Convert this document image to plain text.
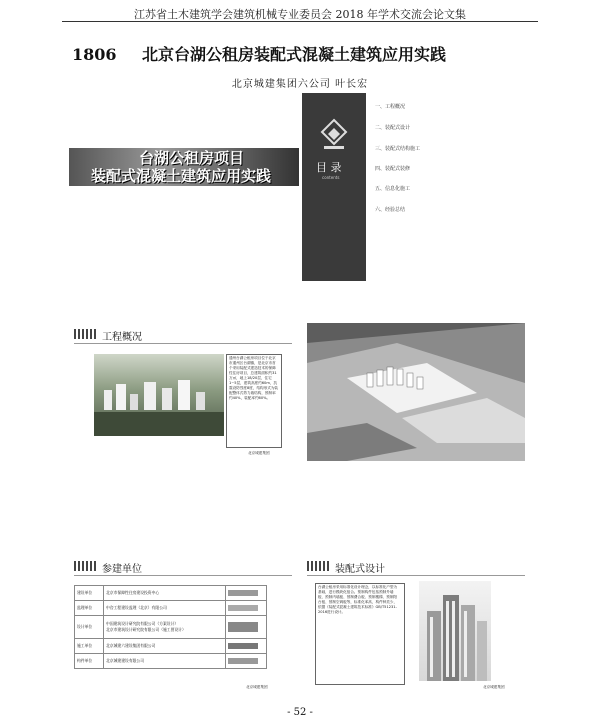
江苏省土木建筑学会建筑机械专业委员会 2018 年学术交流会论文集
1806 北京台湖公租房装配式混凝土建筑应用实践
北京城建集团六公司 叶长宏
台湖公租房项目
装配式混凝土建筑应用实践	目 录
contents
一、工程概况
二、装配式设计
三、装配式结构施工
四、装配式装修
五、信息化施工
六、经验总结
工程概况
通州台湖公租房项目位于北京市通州区台湖镇，是北京市首个采用装配式建造技术的保障性住房项目，总建筑面积约31万㎡，地上18/20层，住宅1~5层，建筑高度约60m，抗震设防烈度8度，结构形式为装配整体式剪力墙结构，预制率约40%，装配率约60%。
北京城建集团
参建单位
北京城建集团
建设单位	北京市保障性住房建设投资中心	

监理单位	中咨工程建设监理（北京）有限公司	

设计单位	中国建筑设计研究院有限公司（方案设计）
北京市建筑设计研究院有限公司（施工图设计）	

施工单位	北京城建六建设集团有限公司	

构件单位	北京城建建设有限公司	
装配式设计
台湖公租房采用标准化设计理念，以标准化户型为基础，进行模块化组合。预制构件包括预制外墙板、预制内墙板、预制叠合板、预制楼梯、预制阳台板、预制空调板等，标准化率高，构件种类少，依据《装配式混凝土建筑技术标准》GB/T51231-2016进行设计。
北京城建集团
- 52 -
